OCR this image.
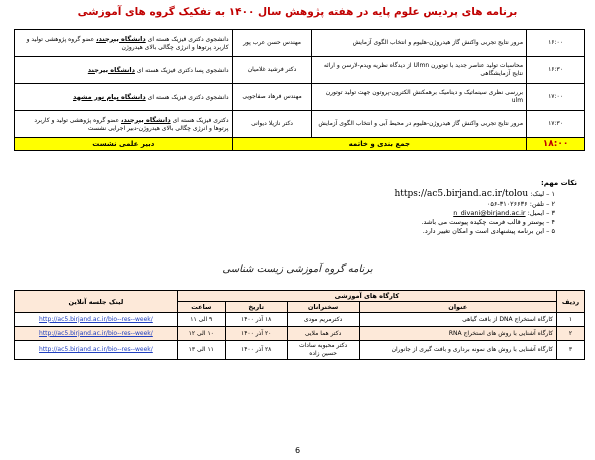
برنامه های پردیس علوم پایه در هفته پژوهش سال ۱۴۰۰ به تفکیک گروه های آموزشی
۱۶:۰۰	مرور نتایج تجربی واکنش گاز هیدروژن-هلیوم و انتخاب الگوی آزمایش	مهندس حسن عرب پور	دانشجوی دکتری فیزیک هسته ای دانشگاه بیرجند، عضو گروه پژوهشی تولید و کاربرد پرتوها و انرژی چگالی بالای هیدروژن
۱۶:۳۰	محاسبات تولید عناصر جدید با توتورن Ulmn از دیدگاه نظریه ویدم-لارسن و ارائه نتایج آزمایشگاهی	دکتر فرشید غلامیان	دانشجوی پسا دکتری فیزیک هسته ای دانشگاه بیرجند
۱۷:۰۰	بررسی نظری سینماتیک و دینامیک برهمکنش الکترون-پروتون جهت تولید توتورن ulm	مهندس فرهاد صفاجویی	دانشجوی دکتری فیزیک هسته ای دانشگاه پیام نور مشهد
۱۷:۳۰	مرور نتایج تجربی واکنش گاز هیدروژن-هلیوم در محیط آبی و انتخاب الگوی آزمایش	دکتر نازیلا دیوانی	دکتری فیزیک هسته ای دانشگاه بیرجند، عضو گروه پژوهشی تولید و کاربرد پرتوها و انرژی چگالی بالای هیدروژن-دبیر اجرایی نشست
۱۸:۰۰	جمع بندی و خاتمه		دبیر علمی نشست
نکات مهم:
۱ – لینک: https://ac5.birjand.ac.ir/tolou
۲ – تلفن: ۰۵۶-۳۱۰۲۶۶۳۶
۳ – ایمیل: n_divani@birjand.ac.ir
۴ – پوستر و قالب فرمت چکیده پیوست می باشد.
۵ – این برنامه پیشنهادی است و امکان تغییر دارد.
برنامه گروه آموزشی زیست شناسی
ردیف	کارگاه های آموزشی				لینک جلسه آنلاین
	عنوان	سخنرانان	تاریخ	ساعت	
۱	کارگاه استخراج DNA از بافت گیاهی	دکترمریم مودی	۱۸ آذر ۱۴۰۰	۹ الی ۱۱	http://ac5.birjand.ac.ir/bio--res--week/
۲	کارگاه آشنایی با روش های استخراج RNA	دکتر هما ملایی	۲۰ آذر ۱۴۰۰	۱۰ الی ۱۲	http://ac5.birjand.ac.ir/bio--res--week/
۳	کارگاه آشنایی با روش های نمونه برداری و بافت گیری از جانوران	دکتر محبوبه سادات حسین زاده	۲۸ آذر ۱۴۰۰	۱۱ الی ۱۳	http://ac5.birjand.ac.ir/bio--res--week/
6
